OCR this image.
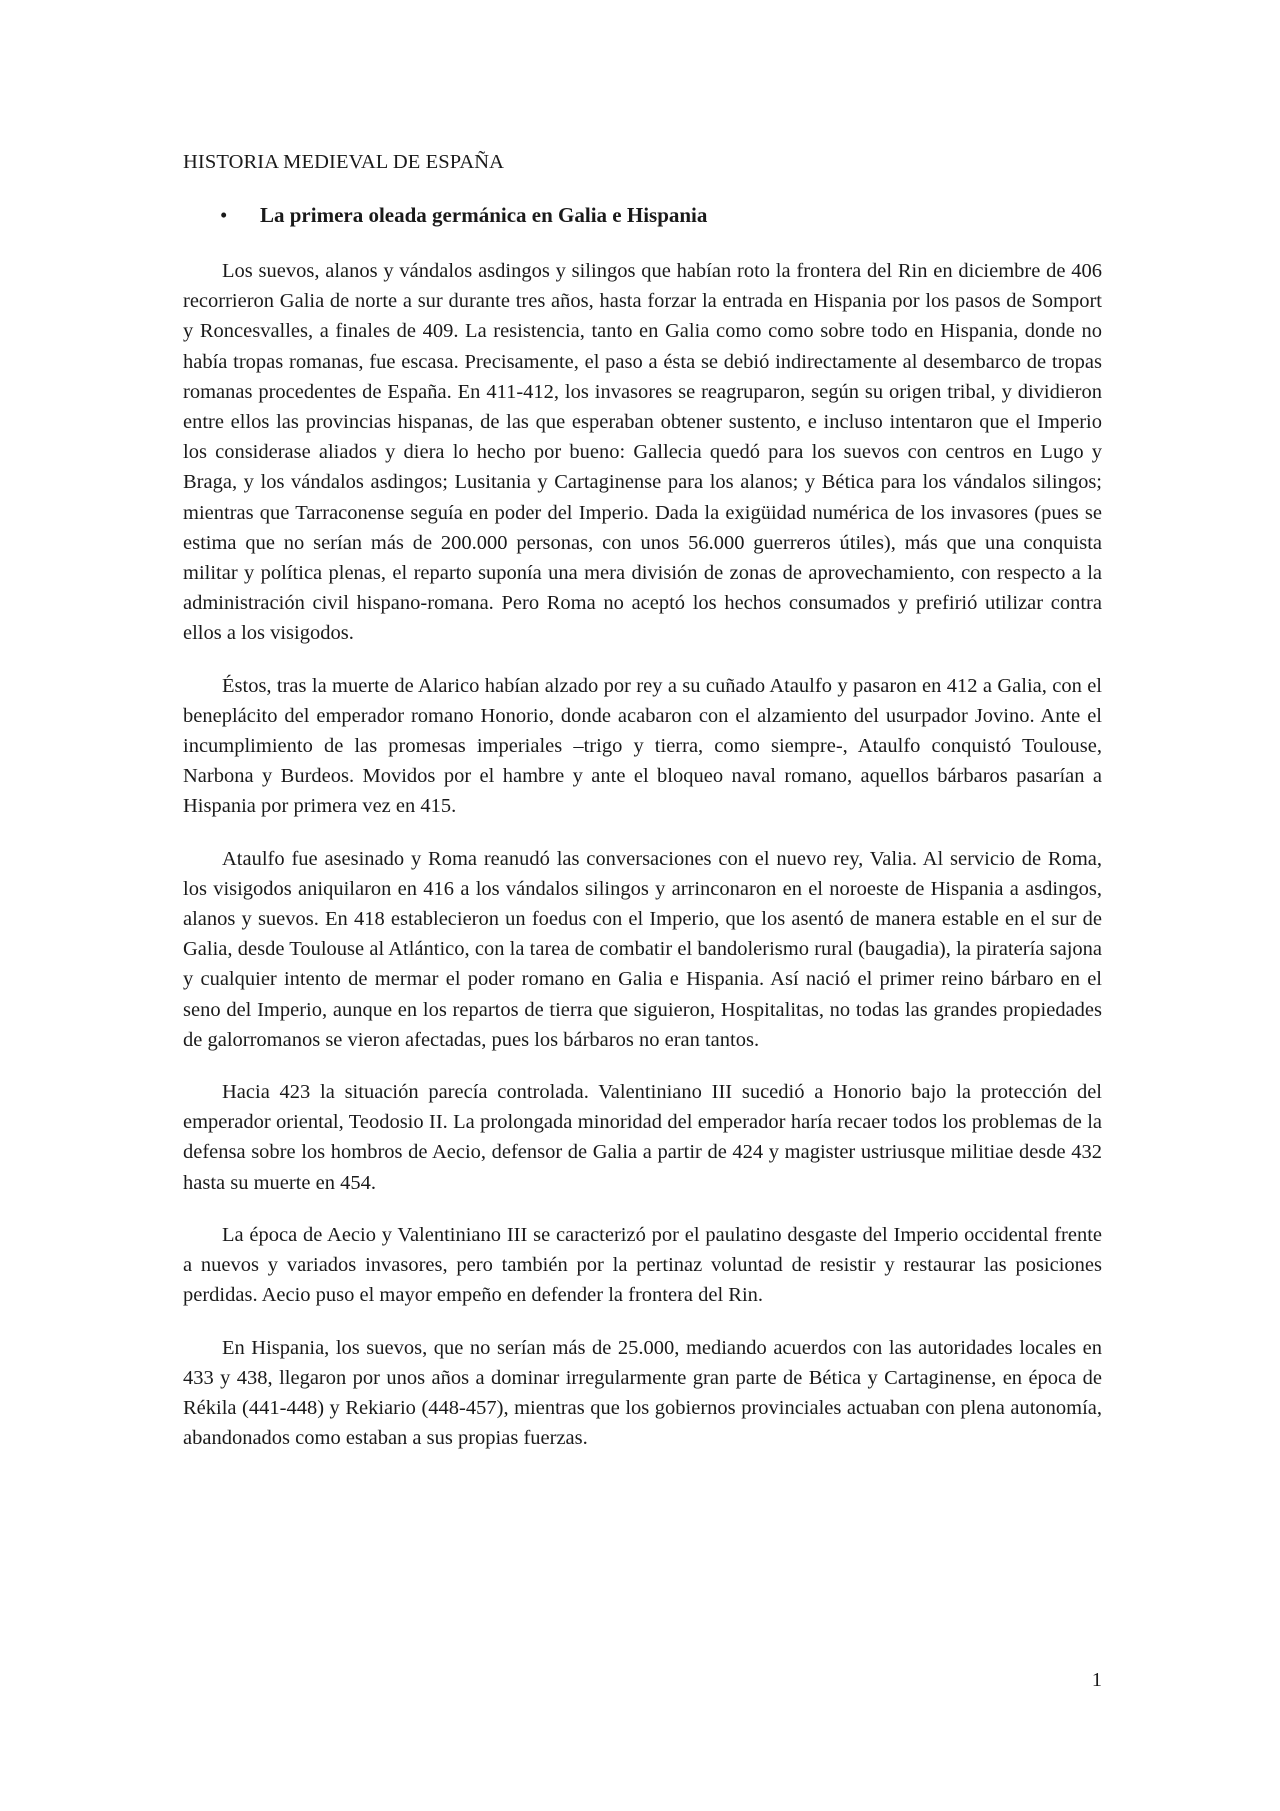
HISTORIA MEDIEVAL DE ESPAÑA
• La primera oleada germánica en Galia e Hispania

Los suevos, alanos y vándalos asdingos y silingos que habían roto la frontera del Rin en diciembre de 406 recorrieron Galia de norte a sur durante tres años, hasta forzar la entrada en Hispania por los pasos de Somport y Roncesvalles, a finales de 409. La resistencia, tanto en Galia como como sobre todo en Hispania, donde no había tropas romanas, fue escasa. Precisamente, el paso a ésta se debió indirectamente al desembarco de tropas romanas procedentes de España. En 411-412, los invasores se reagruparon, según su origen tribal, y dividieron entre ellos las provincias hispanas, de las que esperaban obtener sustento, e incluso intentaron que el Imperio los considerase aliados y diera lo hecho por bueno: Gallecia quedó para los suevos con centros en Lugo y Braga, y los vándalos asdingos; Lusitania y Cartaginense para los alanos; y Bética para los vándalos silingos; mientras que Tarraconense seguía en poder del Imperio. Dada la exigüidad numérica de los invasores (pues se estima que no serían más de 200.000 personas, con unos 56.000 guerreros útiles), más que una conquista militar y política plenas, el reparto suponía una mera división de zonas de aprovechamiento, con respecto a la administración civil hispano-romana. Pero Roma no aceptó los hechos consumados y prefirió utilizar contra ellos a los visigodos.

Éstos, tras la muerte de Alarico habían alzado por rey a su cuñado Ataulfo y pasaron en 412 a Galia, con el beneplácito del emperador romano Honorio, donde acabaron con el alzamiento del usurpador Jovino. Ante el incumplimiento de las promesas imperiales –trigo y tierra, como siempre-, Ataulfo conquistó Toulouse, Narbona y Burdeos. Movidos por el hambre y ante el bloqueo naval romano, aquellos bárbaros pasarían a Hispania por primera vez en 415.

Ataulfo fue asesinado y Roma reanudó las conversaciones con el nuevo rey, Valia. Al servicio de Roma, los visigodos aniquilaron en 416 a los vándalos silingos y arrinconaron en el noroeste de Hispania a asdingos, alanos y suevos. En 418 establecieron un foedus con el Imperio, que los asentó de manera estable en el sur de Galia, desde Toulouse al Atlántico, con la tarea de combatir el bandolerismo rural (baugadia), la piratería sajona y cualquier intento de mermar el poder romano en Galia e Hispania. Así nació el primer reino bárbaro en el seno del Imperio, aunque en los repartos de tierra que siguieron, Hospitalitas, no todas las grandes propiedades de galorromanos se vieron afectadas, pues los bárbaros no eran tantos.

Hacia 423 la situación parecía controlada. Valentiniano III sucedió a Honorio bajo la protección del emperador oriental, Teodosio II. La prolongada minoridad del emperador haría recaer todos los problemas de la defensa sobre los hombros de Aecio, defensor de Galia a partir de 424 y magister ustriusque militiae desde 432 hasta su muerte en 454.

La época de Aecio y Valentiniano III se caracterizó por el paulatino desgaste del Imperio occidental frente a nuevos y variados invasores, pero también por la pertinaz voluntad de resistir y restaurar las posiciones perdidas. Aecio puso el mayor empeño en defender la frontera del Rin.

En Hispania, los suevos, que no serían más de 25.000, mediando acuerdos con las autoridades locales en 433 y 438, llegaron por unos años a dominar irregularmente gran parte de Bética y Cartaginense, en época de Rékila (441-448) y Rekiario (448-457), mientras que los gobiernos provinciales actuaban con plena autonomía, abandonados como estaban a sus propias fuerzas.

1
